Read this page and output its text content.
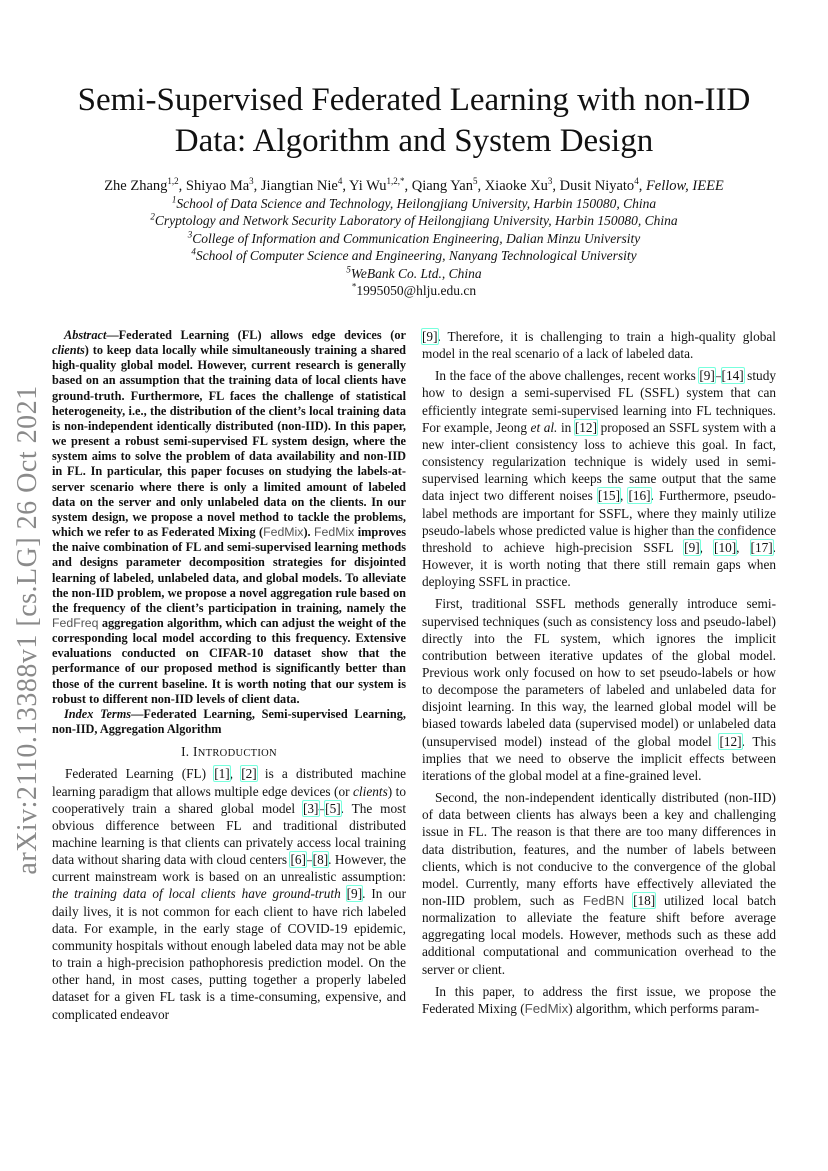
arXiv:2110.13388v1 [cs.LG] 26 Oct 2021
Semi-Supervised Federated Learning with non-IID Data: Algorithm and System Design
Zhe Zhang$^{1,2}$, Shiyao Ma$^3$, Jiangtian Nie$^4$, Yi $Wu^{1,2,*}$, Qiang Yan$^5$, Xiaoke Xu$^3$, Dusit Niyato$^4$, Fellow, IEEE
$^1$School of Data Science and Technology, Heilongjiang University, Harbin 150080, China
$^2$Cryptology and Network Security Laboratory of Heilongjiang University, Harbin 150080, China
$^3$College of Information and Communication Engineering, Dalian Minzu University
$^4$School of Computer Science and Engineering, Nanyang Technological University
$^5$WeBank Co. Ltd., China
*1995050@hlju.edu.cn

Abstract—Federated Learning (FL) allows edge devices (or clients) to keep data locally while simultaneously training a shared high-quality global model. However, current research is generally based on an assumption that the training data of local clients have ground-truth. Furthermore, FL faces the challenge of statistical heterogeneity, i.e., the distribution of the client’s local training data is non-independent identically distributed (non-IID). In this paper, we present a robust semi-supervised FL system design, where the system aims to solve the problem of data availability and non-IID in FL. In particular, this paper focuses on studying the labels-at-server scenario where there is only a limited amount of labeled data on the server and only unlabeled data on the clients. In our system design, we propose a novel method to tackle the problems, which we refer to as Federated Mixing (FedMix). FedMix improves the naive combination of FL and semi-supervised learning methods and designs parameter decomposition strategies for disjointed learning of labeled, unlabeled data, and global models. To alleviate the non-IID problem, we propose a novel aggregation rule based on the frequency of the client’s participation in training, namely the FedFreq aggregation algorithm, which can adjust the weight of the corresponding local model according to this frequency. Extensive evaluations conducted on CIFAR-10 dataset show that the performance of our proposed method is significantly better than those of the current baseline. It is worth noting that our system is robust to different non-IID levels of client data.

Index Terms—Federated Learning, Semi-supervised Learning, non-IID, Aggregation Algorithm

I. INTRODUCTION

Federated Learning (FL) [1], [2] is a distributed machine learning paradigm that allows multiple edge devices (or clients) to cooperatively train a shared global model [3]–[5]. The most obvious difference between FL and traditional distributed machine learning is that clients can privately access local training data without sharing data with cloud centers [6]–[8]. However, the current mainstream work is based on an unrealistic assumption: the training data of local clients have ground-truth [9]. In our daily lives, it is not common for each client to have rich labeled data. For example, in the early stage of COVID-19 epidemic, community hospitals without enough labeled data may not be able to train a high-precision pathophoresis prediction model. On the other hand, in most cases, putting together a properly labeled dataset for a given FL task is a time-consuming, expensive, and complicated endeavor

[9]. Therefore, it is challenging to train a high-quality global model in the real scenario of a lack of labeled data.

In the face of the above challenges, recent works [9]–[14] study how to design a semi-supervised FL (SSFL) system that can efficiently integrate semi-supervised learning into FL techniques. For example, Jeong et al. in [12] proposed an SSFL system with a new inter-client consistency loss to achieve this goal. In fact, consistency regularization technique is widely used in semi-supervised learning which keeps the same output that the same data inject two different noises [15], [16]. Furthermore, pseudo-label methods are important for SSFL, where they mainly utilize pseudo-labels whose predicted value is higher than the confidence threshold to achieve high-precision SSFL [9], [10], [17]. However, it is worth noting that there still remain gaps when deploying SSFL in practice.

First, traditional SSFL methods generally introduce semi-supervised techniques (such as consistency loss and pseudo-label) directly into the FL system, which ignores the implicit contribution between iterative updates of the global model. Previous work only focused on how to set pseudo-labels or how to decompose the parameters of labeled and unlabeled data for disjoint learning. In this way, the learned global model will be biased towards labeled data (supervised model) or unlabeled data (unsupervised model) instead of the global model [12]. This implies that we need to observe the implicit effects between iterations of the global model at a fine-grained level.

Second, the non-independent identically distributed (non-IID) of data between clients has always been a key and challenging issue in FL. The reason is that there are too many differences in data distribution, features, and the number of labels between clients, which is not conducive to the convergence of the global model. Currently, many efforts have effectively alleviated the non-IID problem, such as FedBN [18] utilized local batch normalization to alleviate the feature shift before average aggregating local models. However, methods such as these add additional computational and communication overhead to the server or client.

In this paper, to address the first issue, we propose the Federated Mixing (FedMix) algorithm, which performs param-
